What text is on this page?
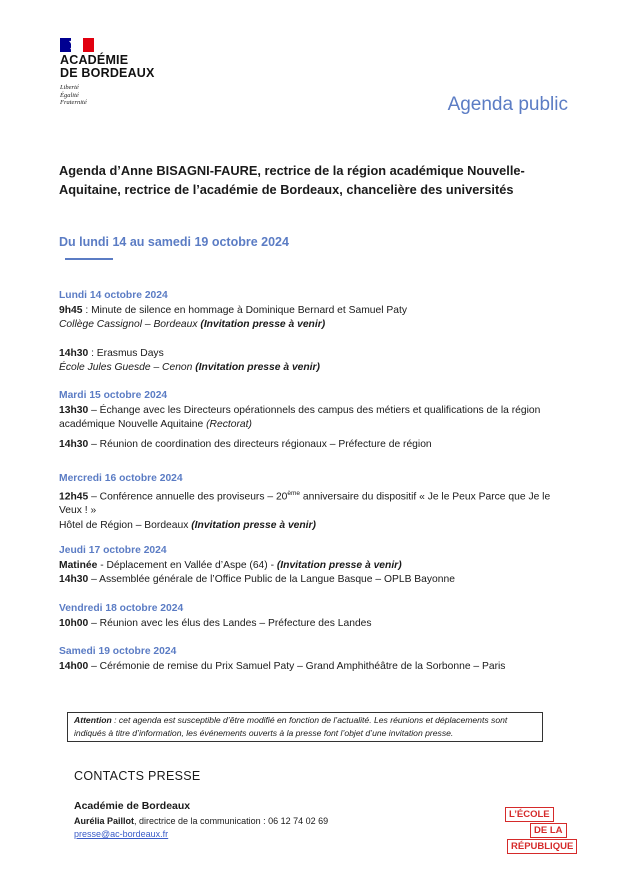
ACADÉMIE
DE BORDEAUX
Liberté
Égalité
Fraternité	Agenda public
Agenda d’Anne BISAGNI-FAURE, rectrice de la région académique Nouvelle-Aquitaine, rectrice de l’académie de Bordeaux, chancelière des universités
Du lundi 14 au samedi 19 octobre 2024
Lundi 14 octobre 2024
9h45 : Minute de silence en hommage à Dominique Bernard et Samuel Paty
Collège Cassignol – Bordeaux (Invitation presse à venir)
14h30 : Erasmus Days
École Jules Guesde – Cenon (Invitation presse à venir)
Mardi 15 octobre 2024
13h30 – Échange avec les Directeurs opérationnels des campus des métiers et qualifications de la région académique Nouvelle Aquitaine (Rectorat)
14h30 – Réunion de coordination des directeurs régionaux – Préfecture de région
Mercredi 16 octobre 2024
12h45 – Conférence annuelle des proviseurs – 20ème anniversaire du dispositif « Je le Peux Parce que Je le Veux ! »
Hôtel de Région – Bordeaux (Invitation presse à venir)
Jeudi 17 octobre 2024
Matinée - Déplacement en Vallée d’Aspe (64) - (Invitation presse à venir)
14h30 – Assemblée générale de l’Office Public de la Langue Basque – OPLB Bayonne
Vendredi 18 octobre 2024
10h00 – Réunion avec les élus des Landes – Préfecture des Landes
Samedi 19 octobre 2024
14h00 – Cérémonie de remise du Prix Samuel Paty – Grand Amphithéâtre de la Sorbonne – Paris
Attention : cet agenda est susceptible d’être modifié en fonction de l’actualité. Les réunions et déplacements sont indiqués à titre d’information, les événements ouverts à la presse font l’objet d’une invitation presse.
CONTACTS PRESSE
Académie de Bordeaux
Aurélia Paillot, directrice de la communication : 06 12 74 02 69
presse@ac-bordeaux.fr
L’ÉCOLE
DE LA
RÉPUBLIQUE
